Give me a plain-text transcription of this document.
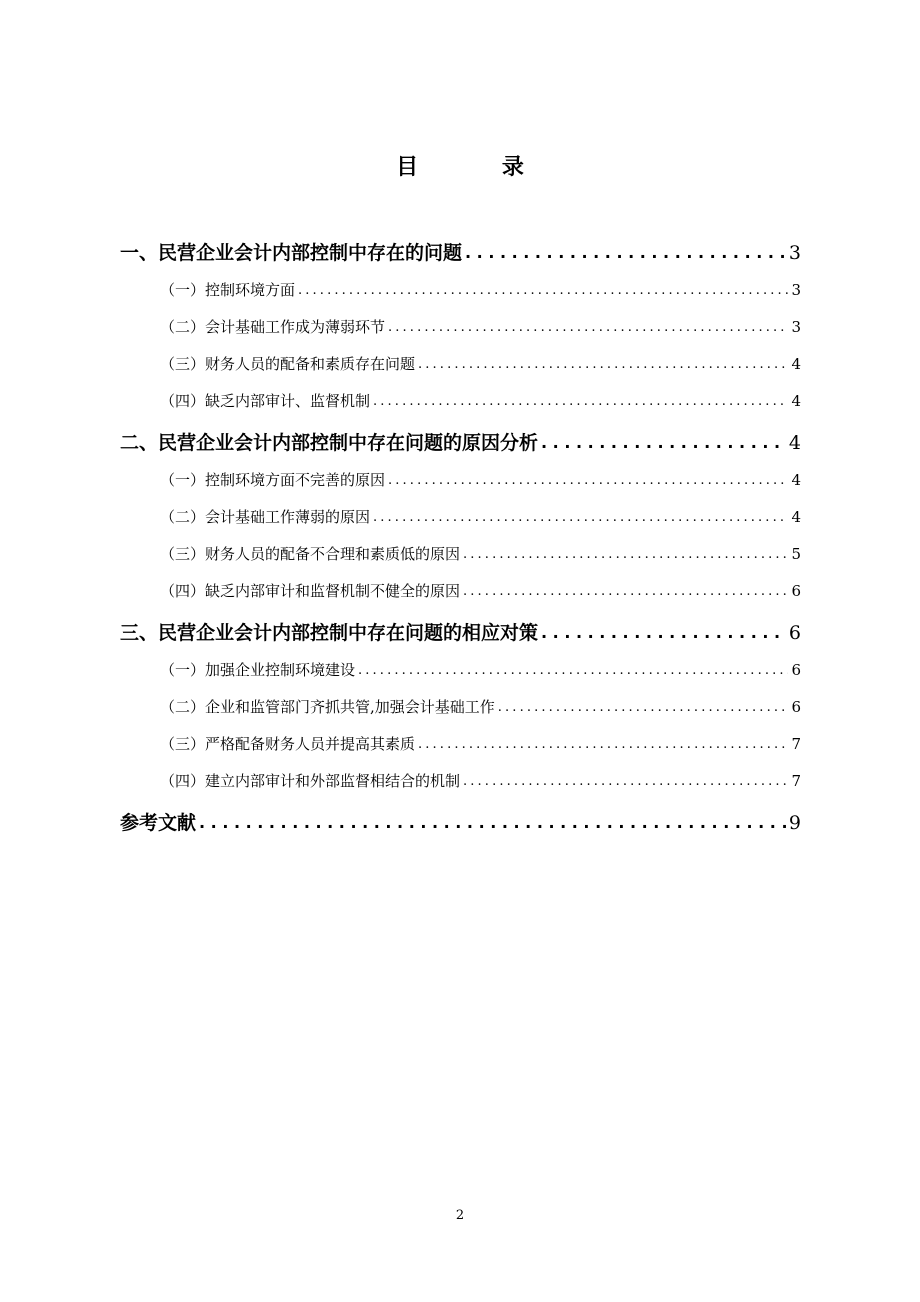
目 录
一、民营企业会计内部控制中存在的问题 . . .	3
（一）控制环境方面 . . .	3
（二）会计基础工作成为薄弱环节 . . .	3
（三）财务人员的配备和素质存在问题 . . .	4
（四）缺乏内部审计、监督机制 . . .	4
二、民营企业会计内部控制中存在问题的原因分析 . . .	4
（一）控制环境方面不完善的原因 . . .	4
（二）会计基础工作薄弱的原因 . . .	4
（三）财务人员的配备不合理和素质低的原因 . . .	5
（四）缺乏内部审计和监督机制不健全的原因 . . .	6
三、民营企业会计内部控制中存在问题的相应对策 . . .	6
（一）加强企业控制环境建设 . . .	6
（二）企业和监管部门齐抓共管,加强会计基础工作 . . .	6
（三）严格配备财务人员并提高其素质 . . .	7
（四）建立内部审计和外部监督相结合的机制 . . .	7
参考文献 . . .	9
2
